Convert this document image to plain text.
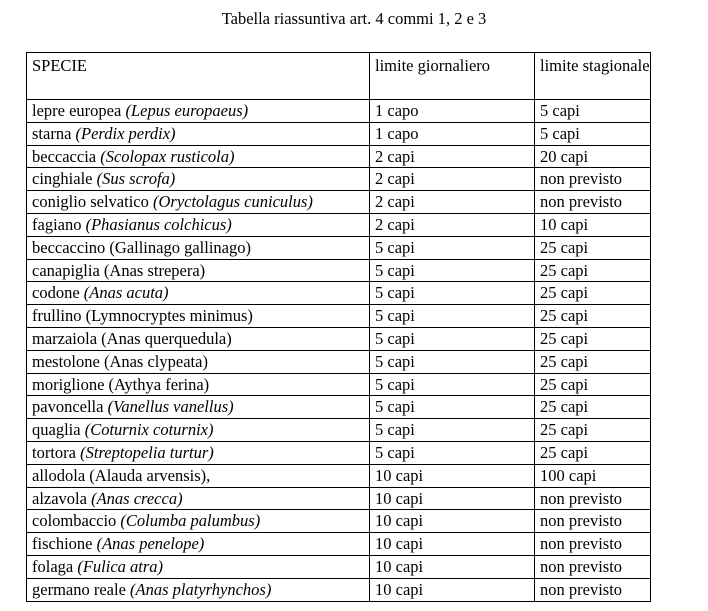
Tabella riassuntiva art. 4 commi 1, 2 e 3
SPECIE	limite giornaliero	limite stagionale
lepre europea (Lepus europaeus)	1 capo	5 capi
starna (Perdix perdix)	1 capo	5 capi
beccaccia (Scolopax rusticola)	2 capi	20 capi
cinghiale (Sus scrofa)	2 capi	non previsto
coniglio selvatico (Oryctolagus cuniculus)	2 capi	non previsto
fagiano (Phasianus colchicus)	2 capi	10 capi
beccaccino (Gallinago gallinago)	5 capi	25 capi
canapiglia (Anas strepera)	5 capi	25 capi
codone (Anas acuta)	5 capi	25 capi
frullino (Lymnocryptes minimus)	5 capi	25 capi
marzaiola (Anas querquedula)	5 capi	25 capi
mestolone (Anas clypeata)	5 capi	25 capi
moriglione (Aythya ferina)	5 capi	25 capi
pavoncella (Vanellus vanellus)	5 capi	25 capi
quaglia (Coturnix coturnix)	5 capi	25 capi
tortora (Streptopelia turtur)	5 capi	25 capi
allodola (Alauda arvensis),	10 capi	100 capi
alzavola (Anas crecca)	10 capi	non previsto
colombaccio (Columba palumbus)	10 capi	non previsto
fischione (Anas penelope)	10 capi	non previsto
folaga (Fulica atra)	10 capi	non previsto
germano reale (Anas platyrhynchos)	10 capi	non previsto
